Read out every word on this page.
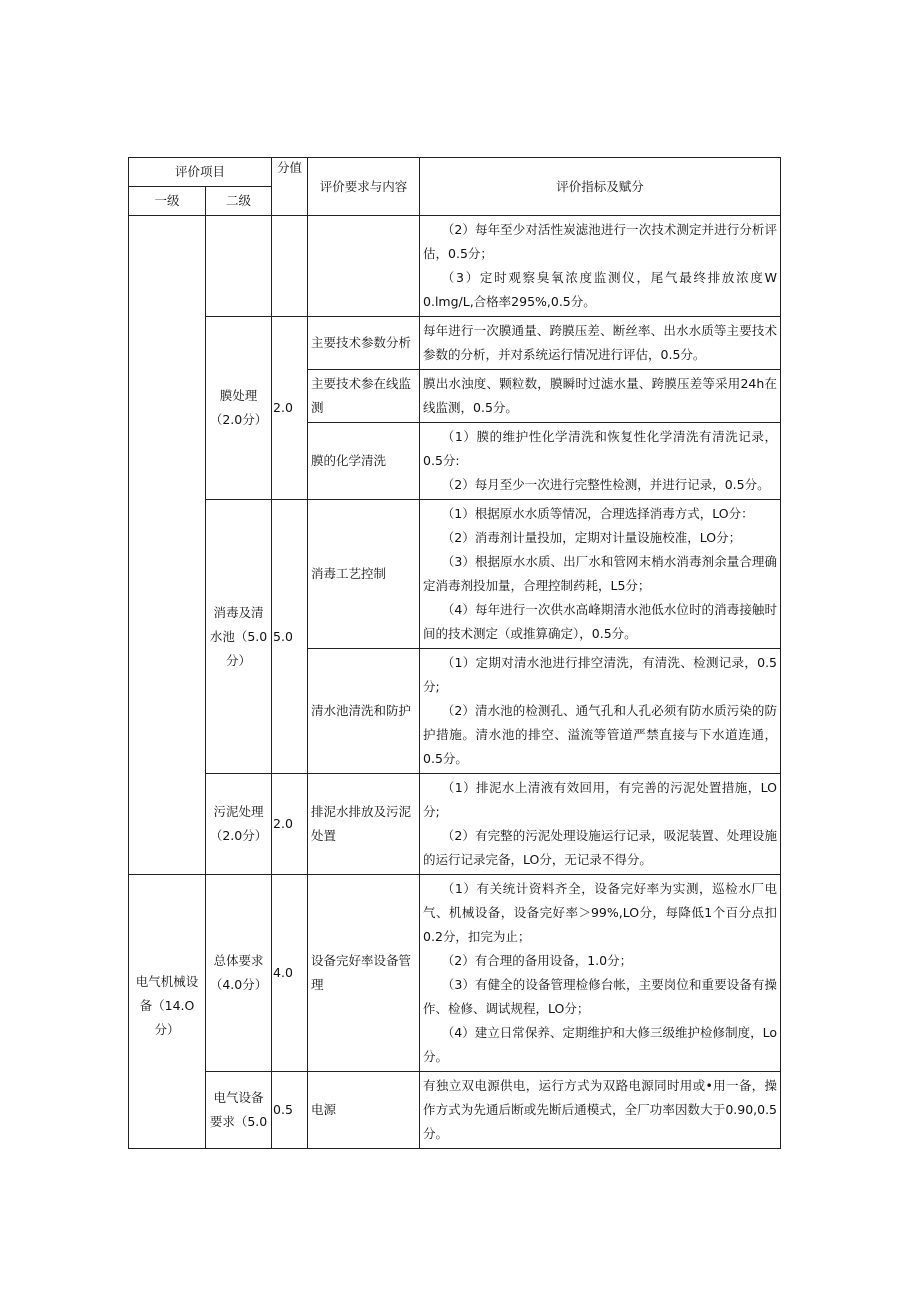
评价项目		分值	评价要求与内容	评价指标及赋分
一级	二级			

				（2）每年至少对活性炭滤池进行一次技术测定并进行分析评估，0.5分；

（3）定时观察臭氧浓度监测仪，尾气最终排放浓度W 0.lmg∕L,合格率295%,0.5分。

	膜处理（2.0分）	2.0	主要技术参数分析	每年进行一次膜通量、跨膜压差、断丝率、出水水质等主要技术参数的分析，并对系统运行情况进行评估，0.5分。

			主要技术参在线监测	膜出水浊度、颗粒数，膜瞬时过滤水量、跨膜压差等采用24h在线监测，0.5分。

			膜的化学清洗	（1）膜的维护性化学清洗和恢复性化学清洗有清洗记录，0.5分:

（2）每月至少一次进行完整性检测，并进行记录，0.5分。

	消毒及清水池（5.0分）	5.0	消毒工艺控制	（1）根据原水水质等情况，合理选择消毒方式，LO分：

（2）消毒剂计量投加，定期对计量设施校准，LO分；

（3）根据原水水质、出厂水和管网末梢水消毒剂余量合理确定消毒剂投加量，合理控制药耗，L5分；

（4）每年进行一次供水高峰期清水池低水位时的消毒接触时间的技术测定（或推算确定），0.5分。

			清水池清洗和防护	（1）定期对清水池进行排空清洗，有清洗、检测记录，0.5分;

（2）清水池的检测孔、通气孔和人孔必须有防水质污染的防护措施。清水池的排空、溢流等管道严禁直接与下水道连通，0.5分。

	污泥处理（2.0分）	2.0	排泥水排放及污泥处置	（1）排泥水上清液有效回用，有完善的污泥处置措施，LO分;

（2）有完整的污泥处理设施运行记录，吸泥装置、处理设施的运行记录完备，LO分，无记录不得分。

电气机械设备（14.O分）	总体要求（4.0分）	4.0	设备完好率设备管理	（1）有关统计资料齐全，设备完好率为实测，巡检水厂电气、机械设备，设备完好率＞99%,LO分，每降低1个百分点扣0.2分，扣完为止；

（2）有合理的备用设备，1.0分；

（3）有健全的设备管理检修台帐，主要岗位和重要设备有操作、检修、调试规程，LO分；

（4）建立日常保养、定期维护和大修三级维护检修制度，Lo分。

	电气设备要求（5.0	0.5	电源	有独立双电源供电，运行方式为双路电源同时用或•用一备，操作方式为先通后断或先断后通模式，全厂功率因数大于0.90,0.5分。
